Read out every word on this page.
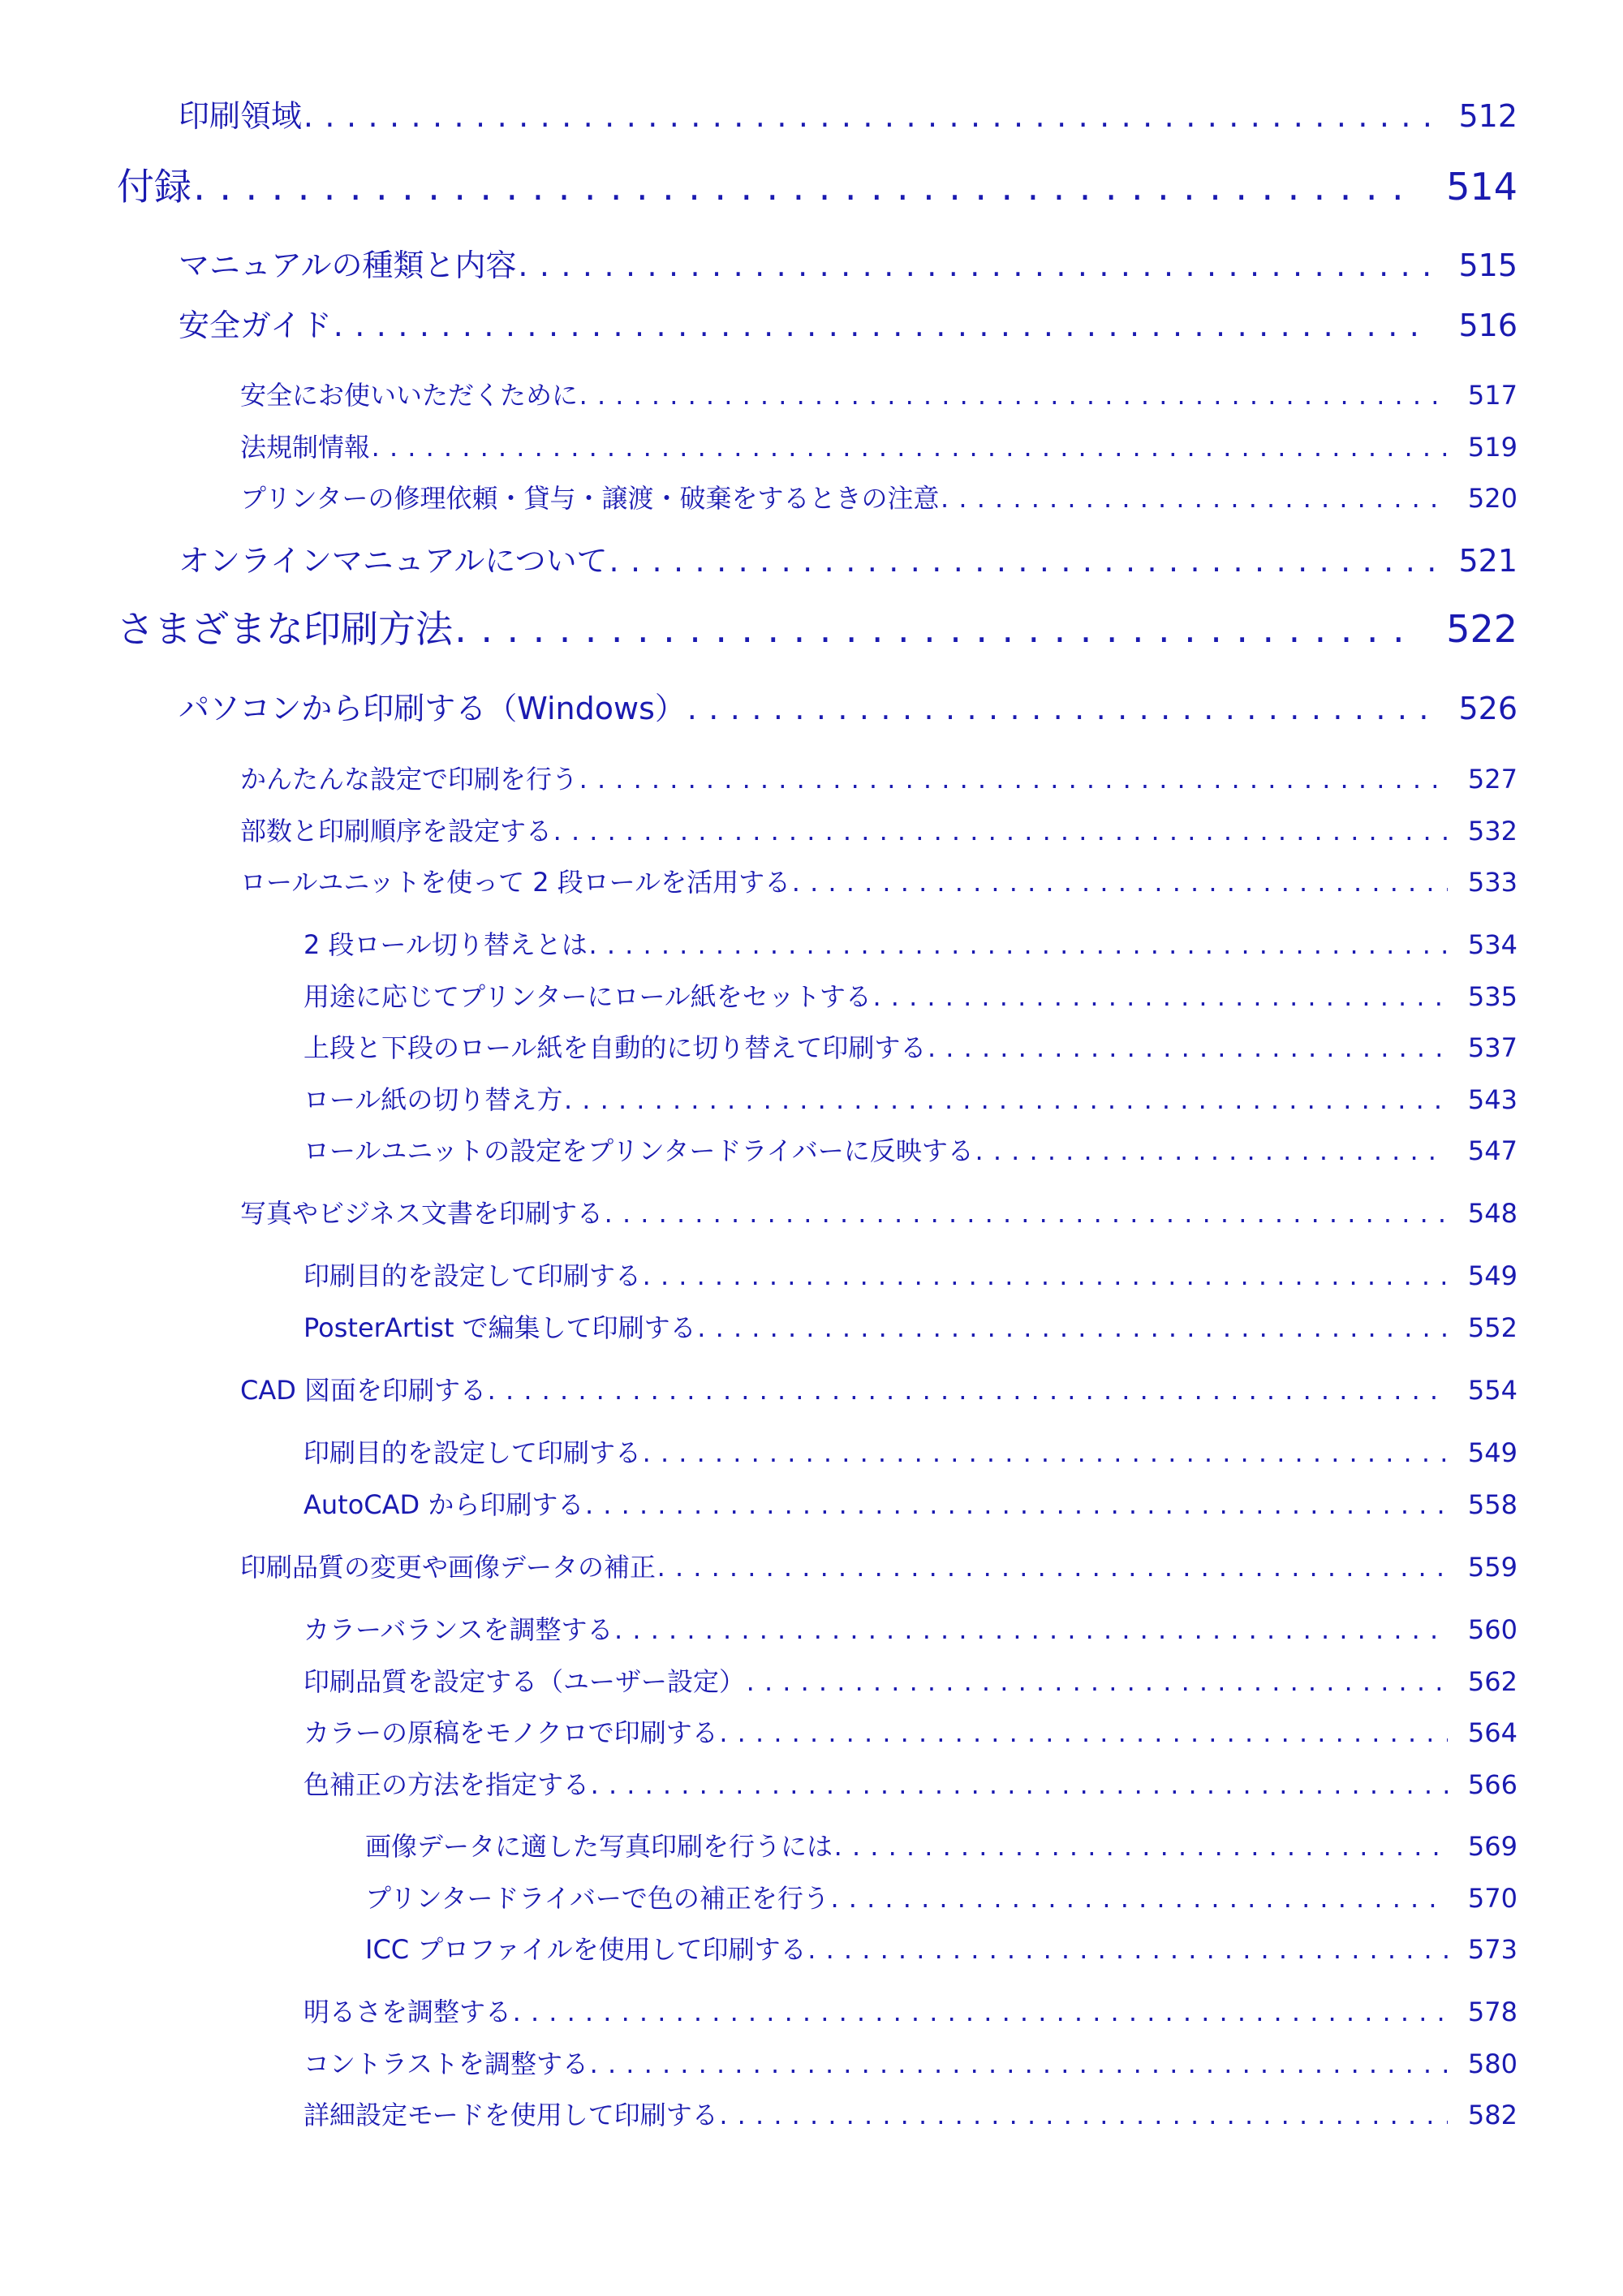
印刷領域 .....	512
付録 .....	514
マニュアルの種類と内容 .....	515
安全ガイド .....	516
安全にお使いいただくために .....	517
法規制情報 .....	519
プリンターの修理依頼・貸与・譲渡・破棄をするときの注意 .....	520
オンラインマニュアルについて .....	521
さまざまな印刷方法 .....	522
パソコンから印刷する（Windows） .....	526
かんたんな設定で印刷を行う .....	527
部数と印刷順序を設定する .....	532
ロールユニットを使って 2 段ロールを活用する .....	533
2 段ロール切り替えとは .....	534
用途に応じてプリンターにロール紙をセットする .....	535
上段と下段のロール紙を自動的に切り替えて印刷する .....	537
ロール紙の切り替え方 .....	543
ロールユニットの設定をプリンタードライバーに反映する .....	547
写真やビジネス文書を印刷する .....	548
印刷目的を設定して印刷する .....	549
PosterArtist で編集して印刷する .....	552
CAD 図面を印刷する .....	554
印刷目的を設定して印刷する .....	549
AutoCAD から印刷する .....	558
印刷品質の変更や画像データの補正 .....	559
カラーバランスを調整する .....	560
印刷品質を設定する（ユーザー設定） .....	562
カラーの原稿をモノクロで印刷する .....	564
色補正の方法を指定する .....	566
画像データに適した写真印刷を行うには .....	569
プリンタードライバーで色の補正を行う .....	570
ICC プロファイルを使用して印刷する .....	573
明るさを調整する .....	578
コントラストを調整する .....	580
詳細設定モードを使用して印刷する .....	582
